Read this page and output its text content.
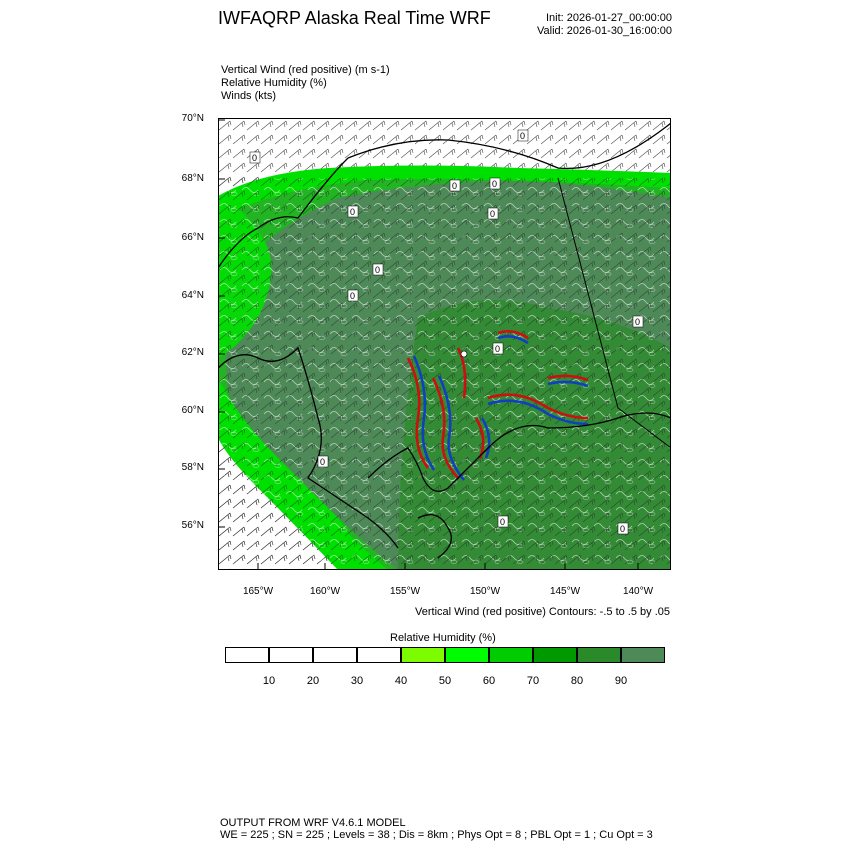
IWFAQRP Alaska Real Time WRF	Init: 2026-01-27_00:00:00
Valid: 2026-01-30_16:00:00
Vertical Wind (red positive) (m s-1)
Relative Humidity (%)
Winds (kts)
70°N
68°N
66°N
64°N
62°N
60°N
58°N
56°N
0
0
0	0
0	0
0
0
0
0
0
0
0
165°W	160°W	155°W	150°W	145°W	140°W
Vertical Wind (red positive) Contours: -.5 to .5 by .05
Relative Humidity (%)
10	20	30	40	50	60	70	80	90
OUTPUT FROM WRF V4.6.1 MODEL
WE = 225 ; SN = 225 ; Levels = 38 ; Dis = 8km ; Phys Opt = 8 ; PBL Opt = 1 ; Cu Opt = 3
